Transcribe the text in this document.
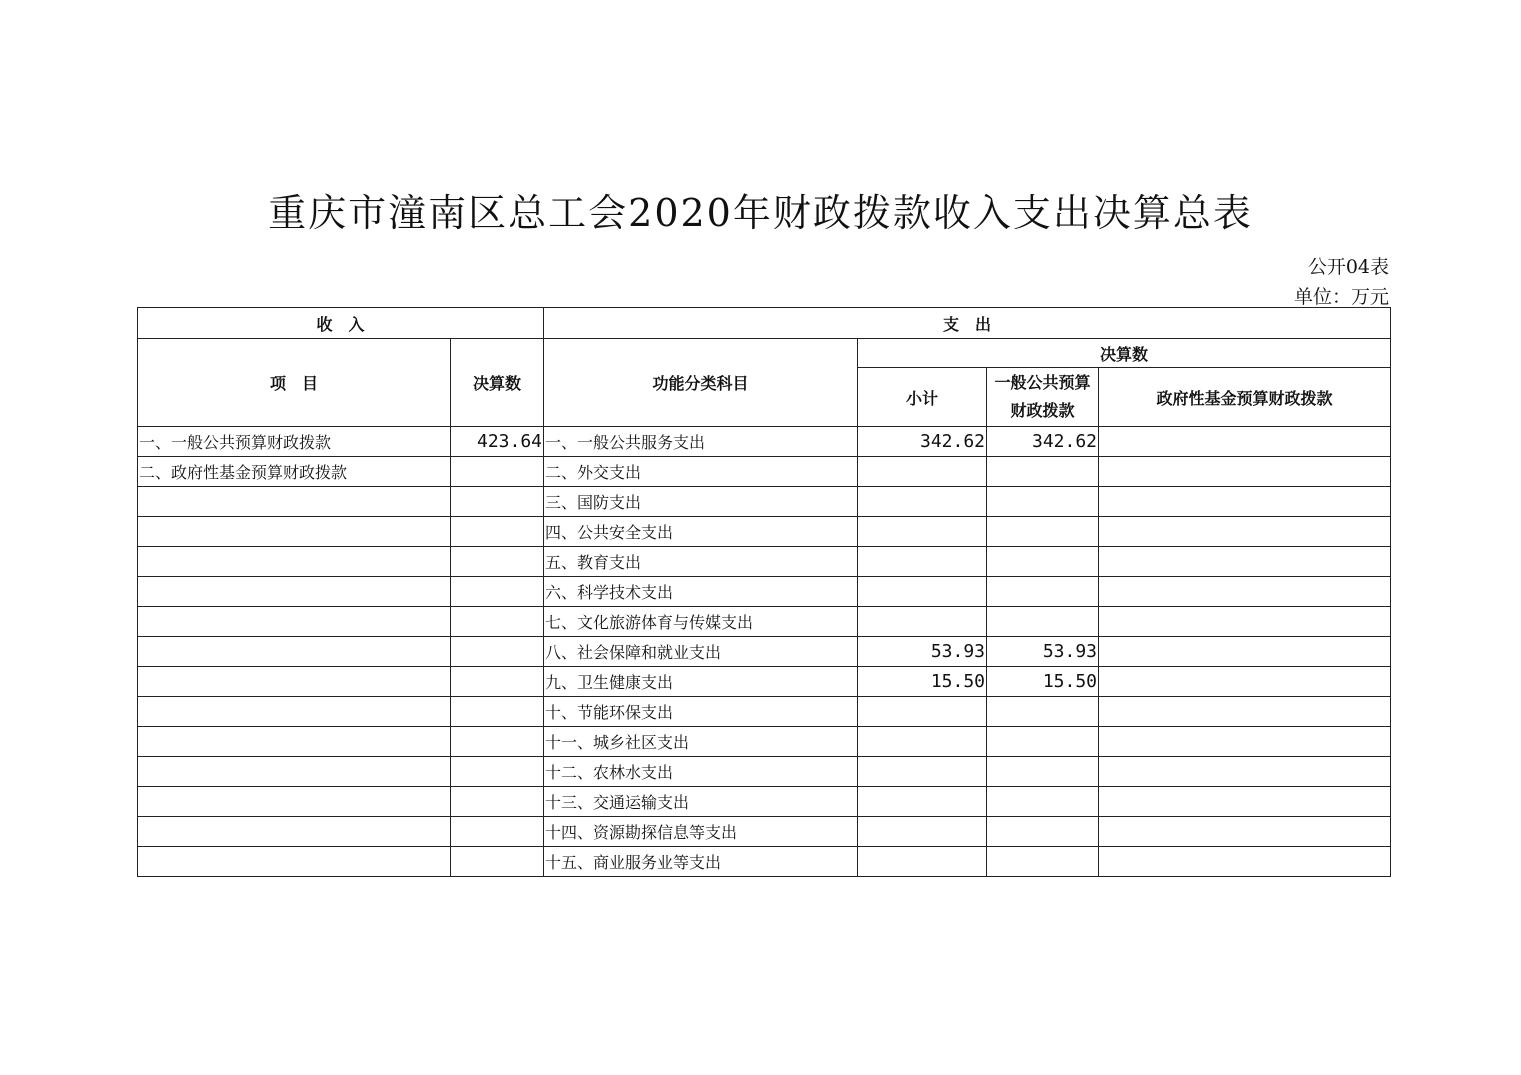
重庆市潼南区总工会2020年财政拨款收入支出决算总表
公开04表
单位：万元
收　入		支　出			
项　目	决算数	功能分类科目	决算数		
			小计	一般公共预算财政拨款	政府性基金预算财政拨款
一、一般公共预算财政拨款	423.64	一、一般公共服务支出	342.62	342.62	
二、政府性基金预算财政拨款		二、外交支出			
		三、国防支出			
		四、公共安全支出			
		五、教育支出			
		六、科学技术支出			
		七、文化旅游体育与传媒支出			
		八、社会保障和就业支出	53.93	53.93	
		九、卫生健康支出	15.50	15.50	
		十、节能环保支出			
		十一、城乡社区支出			
		十二、农林水支出			
		十三、交通运输支出			
		十四、资源勘探信息等支出			
		十五、商业服务业等支出			
